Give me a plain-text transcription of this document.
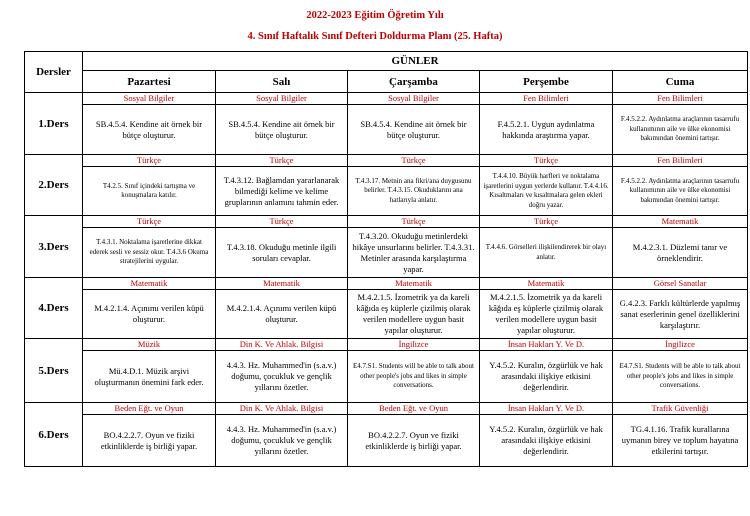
2022-2023 Eğitim Öğretim Yılı
4. Sınıf Haftalık Sınıf Defteri Doldurma Planı (25. Hafta)
Dersler	GÜNLER				
	Pazartesi	Salı	Çarşamba	Perşembe	Cuma
1.Ders	Sosyal Bilgiler	Sosyal Bilgiler	Sosyal Bilgiler	Fen Bilimleri	Fen Bilimleri
	SB.4.5.4. Kendine ait örnek bir bütçe oluşturur.	SB.4.5.4. Kendine ait örnek bir bütçe oluşturur.	SB.4.5.4. Kendine ait örnek bir bütçe oluşturur.	F.4.5.2.1. Uygun aydınlatma hakkında araştırma yapar.	F.4.5.2.2. Aydınlatma araçlarının tasarrufu kullanımının aile ve ülke ekonomisi bakımından önemini tartışır.
2.Ders	Türkçe	Türkçe	Türkçe	Türkçe	Fen Bilimleri
	T4.2.5. Sınıf içindeki tartışma ve konuşmalara katılır.	T.4.3.12. Bağlamdan yararlanarak bilmediği kelime ve kelime gruplarının anlamını tahmin eder.	T.4.3.17. Metnin ana fikri/ana duygusunu belirler. T.4.3.15. Okuduklarını ana hatlarıyla anlatır.	T.4.4.10. Büyük harfleri ve noktalama işaretlerini uygun yerlerde kullanır. T.4.4.16. Kısaltmaları ve kısaltmalara gelen ekleri doğru yazar.	F.4.5.2.2. Aydınlatma araçlarının tasarrufu kullanımının aile ve ülke ekonomisi bakımından önemini tartışır.
3.Ders	Türkçe	Türkçe	Türkçe	Türkçe	Matematik
	T.4.3.1. Noktalama işaretlerine dikkat ederek sesli ve sessiz okur. T.4.3.6 Okuma stratejilerini uygular.	T.4.3.18. Okuduğu metinle ilgili soruları cevaplar.	T.4.3.20. Okuduğu metinlerdeki hikâye unsurlarını belirler. T.4.3.31. Metinler arasında karşılaştırma yapar.	T.4.4.6. Görselleri ilişkilendirerek bir olayı anlatır.	M.4.2.3.1. Düzlemi tanır ve örneklendirir.
4.Ders	Matematik	Matematik	Matematik	Matematik	Görsel Sanatlar
	M.4.2.1.4. Açınımı verilen küpü oluşturur.	M.4.2.1.4. Açınımı verilen küpü oluşturur.	M.4.2.1.5. İzometrik ya da kareli kâğıda eş küplerle çizilmiş olarak verilen modellere uygun basit yapılar oluşturur.	M.4.2.1.5. İzometrik ya da kareli kâğıda eş küplerle çizilmiş olarak verilen modellere uygun basit yapılar oluşturur.	G.4.2.3. Farklı kültürlerde yapılmış sanat eserlerinin genel özelliklerini karşılaştırır.
5.Ders	Müzik	Din K. Ve Ahlak. Bilgisi	İngilizce	İnsan Hakları Y. Ve D.	İngilizce
	Mü.4.D.1. Müzik arşivi oluşturmanın önemini fark eder.	4.4.3. Hz. Muhammed'in (s.a.v.) doğumu, çocukluk ve gençlik yıllarını özetler.	E4.7.S1. Students will be able to talk about other people's jobs and likes in simple conversations.	Y.4.5.2. Kuralın, özgürlük ve hak arasındaki ilişkiye etkisini değerlendirir.	E4.7.S1. Students will be able to talk about other people's jobs and likes in simple conversations.
6.Ders	Beden Eğt. ve Oyun	Din K. Ve Ahlak. Bilgisi	Beden Eğt. ve Oyun	İnsan Hakları Y. Ve D.	Trafik Güvenliği
	BO.4.2.2.7. Oyun ve fiziki etkinliklerde iş birliği yapar.	4.4.3. Hz. Muhammed'in (s.a.v.) doğumu, çocukluk ve gençlik yıllarını özetler.	BO.4.2.2.7. Oyun ve fiziki etkinliklerde iş birliği yapar.	Y.4.5.2. Kuralın, özgürlük ve hak arasındaki ilişkiye etkisini değerlendirir.	TG.4.1.16. Trafik kurallarına uymanın birey ve toplum hayatına etkilerini tartışır.
